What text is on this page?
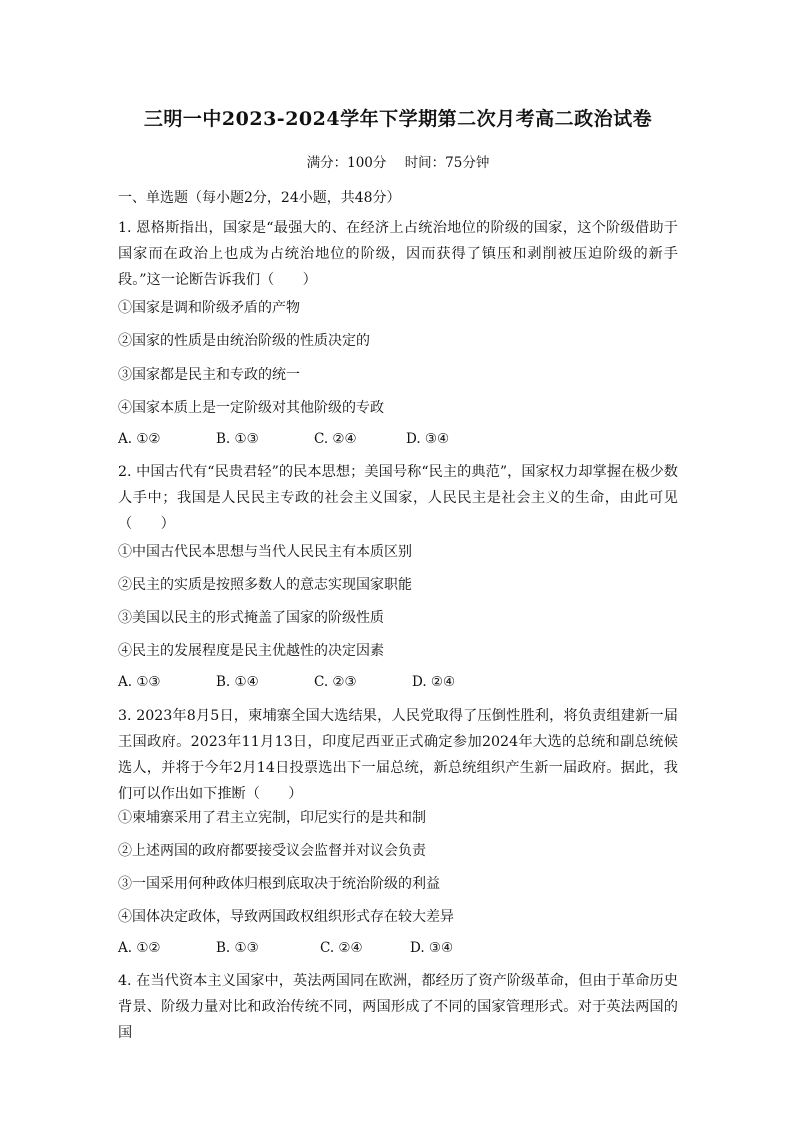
三明一中2023-2024学年下学期第二次月考高二政治试卷
满分：100分 时间：75分钟
一、单选题（每小题2分，24小题，共48分）
1. 恩格斯指出，国家是“最强大的、在经济上占统治地位的阶级的国家，这个阶级借助于国家而在政治上也成为占统治地位的阶级，因而获得了镇压和剥削被压迫阶级的新手段。”这一论断告诉我们（　　）
①国家是调和阶级矛盾的产物
②国家的性质是由统治阶级的性质决定的
③国家都是民主和专政的统一
④国家本质上是一定阶级对其他阶级的专政
A. ①②	B. ①③	C. ②④	D. ③④
2. 中国古代有“民贵君轻”的民本思想；美国号称“民主的典范”，国家权力却掌握在极少数人手中；我国是人民民主专政的社会主义国家，人民民主是社会主义的生命，由此可见（　　）
①中国古代民本思想与当代人民民主有本质区别
②民主的实质是按照多数人的意志实现国家职能
③美国以民主的形式掩盖了国家的阶级性质
④民主的发展程度是民主优越性的决定因素
A. ①③	B. ①④	C. ②③	D. ②④
3. 2023年8月5日，柬埔寨全国大选结果，人民党取得了压倒性胜利，将负责组建新一届王国政府。2023年11月13日，印度尼西亚正式确定参加2024年大选的总统和副总统候选人，并将于今年2月14日投票选出下一届总统，新总统组织产生新一届政府。据此，我们可以作出如下推断（　　）
①柬埔寨采用了君主立宪制，印尼实行的是共和制
②上述两国的政府都要接受议会监督并对议会负责
③一国采用何种政体归根到底取决于统治阶级的利益
④国体决定政体，导致两国政权组织形式存在较大差异
A. ①②	B. ①③	C. ②④	D. ③④
4. 在当代资本主义国家中，英法两国同在欧洲，都经历了资产阶级革命，但由于革命历史背景、阶级力量对比和政治传统不同，两国形成了不同的国家管理形式。对于英法两国的国
